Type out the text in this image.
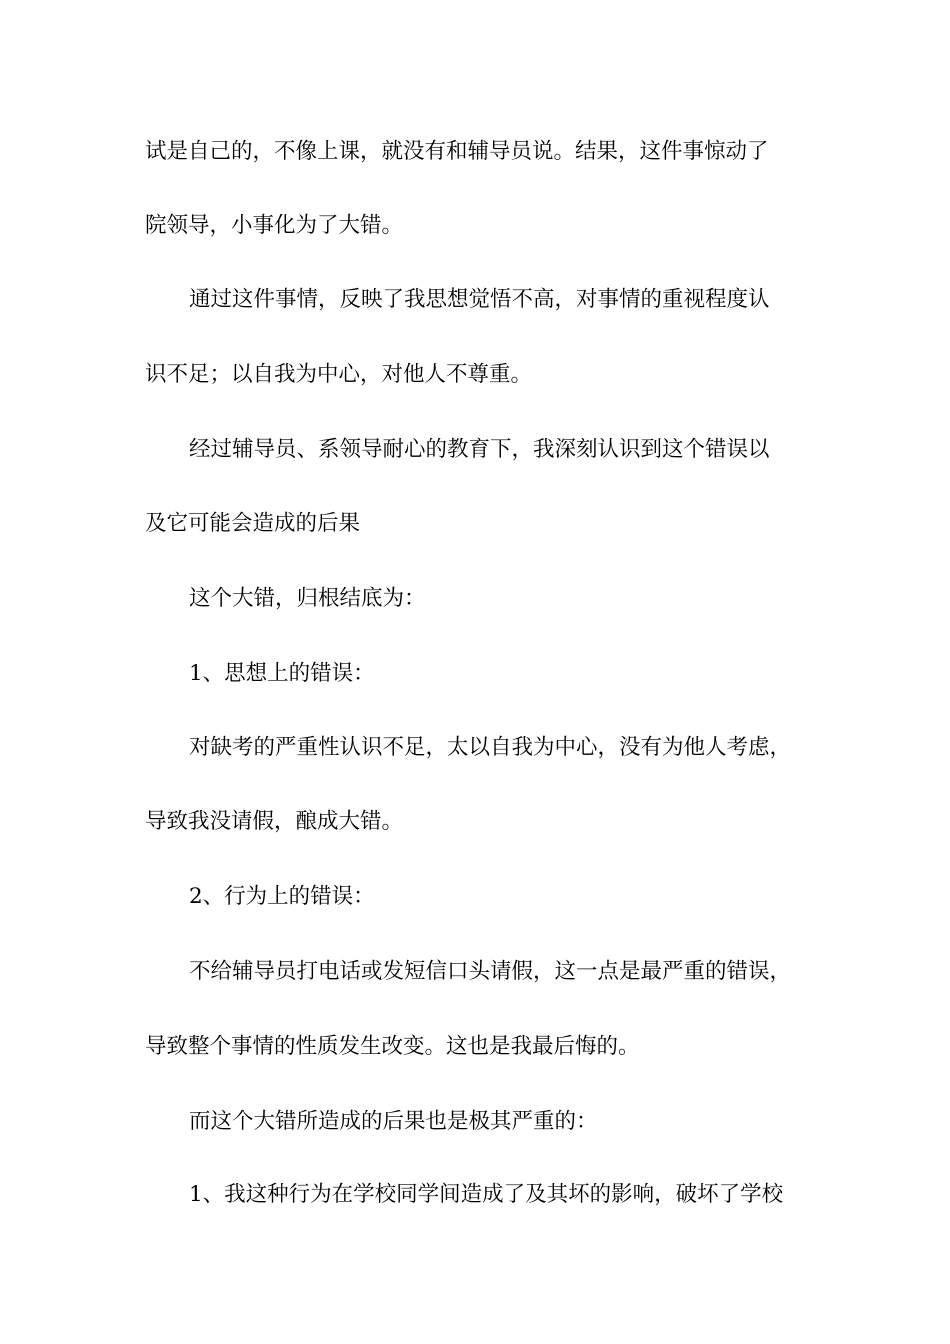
试是自己的，不像上课，就没有和辅导员说。结果，这件事惊动了
院领导，小事化为了大错。
通过这件事情，反映了我思想觉悟不高，对事情的重视程度认
识不足；以自我为中心，对他人不尊重。
经过辅导员、系领导耐心的教育下，我深刻认识到这个错误以
及它可能会造成的后果
这个大错，归根结底为：
1、思想上的错误：
对缺考的严重性认识不足，太以自我为中心，没有为他人考虑，
导致我没请假，酿成大错。
2、行为上的错误：
不给辅导员打电话或发短信口头请假，这一点是最严重的错误，
导致整个事情的性质发生改变。这也是我最后悔的。
而这个大错所造成的后果也是极其严重的：
1、我这种行为在学校同学间造成了及其坏的影响，破坏了学校
